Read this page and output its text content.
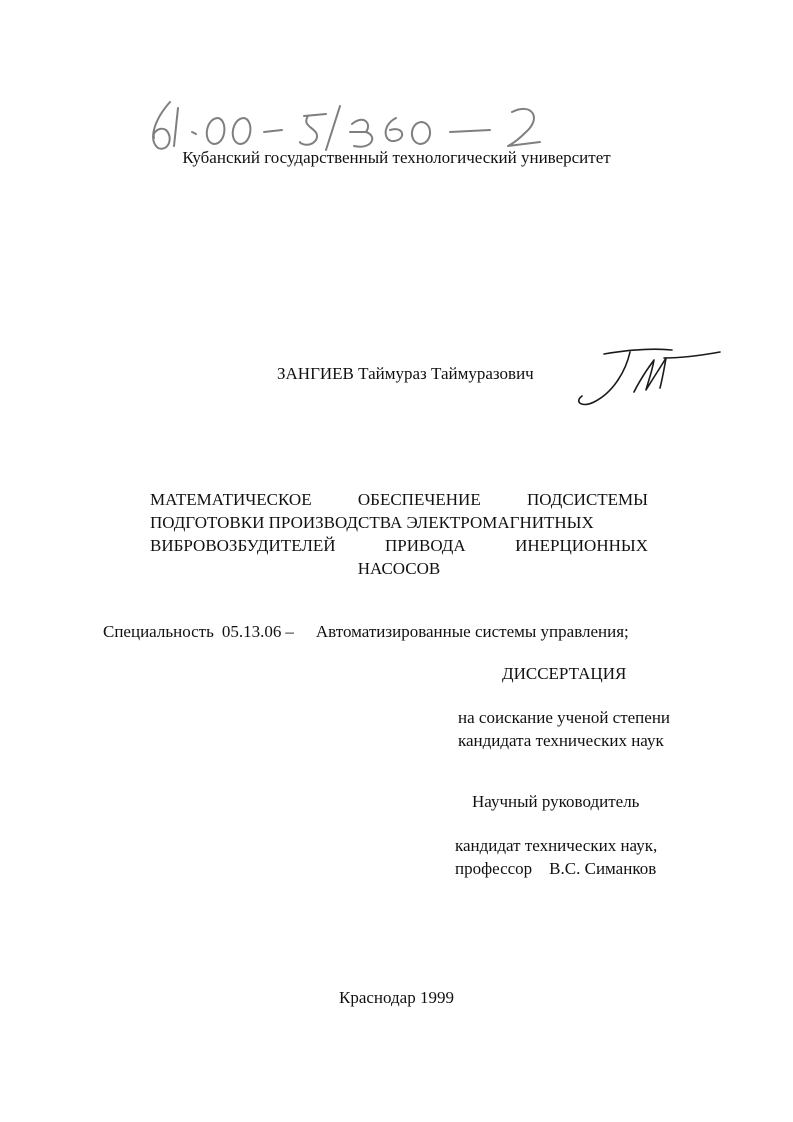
Кубанский государственный технологический университет
ЗАНГИЕВ Таймураз Таймуразович
МАТЕМАТИЧЕСКОЕ	ОБЕСПЕЧЕНИЕ	ПОДСИСТЕМЫ
ПОДГОТОВКИ ПРОИЗВОДСТВА ЭЛЕКТРОМАГНИТНЫХ
ВИБРОВОЗБУДИТЕЛЕЙ	ПРИВОДА	ИНЕРЦИОННЫХ
НАСОСОВ
Специальность 05.13.06 – Автоматизированные системы управления;
ДИССЕРТАЦИЯ
на соискание ученой степени
кандидата технических наук
Научный руководитель
кандидат технических наук,
профессор    В.С. Симанков
Краснодар 1999
